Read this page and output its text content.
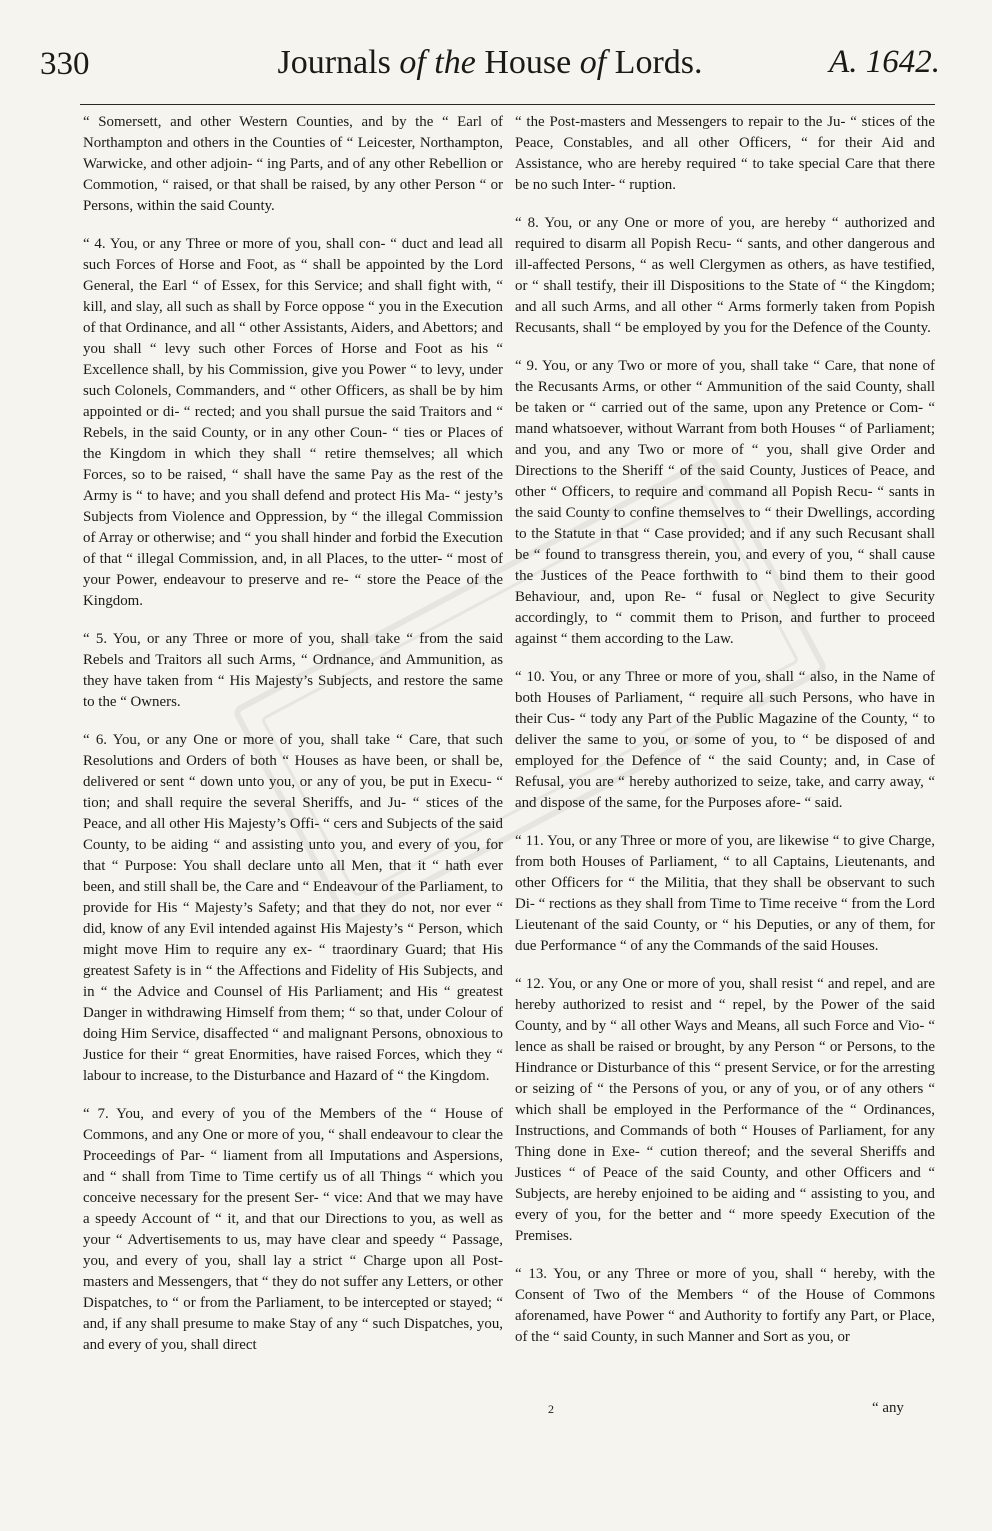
330	Journals of the House of Lords.	A. 1642.

“ Somersett, and other Western Counties, and by the “ Earl of Northampton and others in the Counties of “ Leicester, Northampton, Warwicke, and other adjoin- “ ing Parts, and of any other Rebellion or Commotion, “ raised, or that shall be raised, by any other Person “ or Persons, within the said County.

“ 4. You, or any Three or more of you, shall con- “ duct and lead all such Forces of Horse and Foot, as “ shall be appointed by the Lord General, the Earl “ of Essex, for this Service; and shall fight with, “ kill, and slay, all such as shall by Force oppose “ you in the Execution of that Ordinance, and all “ other Assistants, Aiders, and Abettors; and you shall “ levy such other Forces of Horse and Foot as his “ Excellence shall, by his Commission, give you Power “ to levy, under such Colonels, Commanders, and “ other Officers, as shall be by him appointed or di- “ rected; and you shall pursue the said Traitors and “ Rebels, in the said County, or in any other Coun- “ ties or Places of the Kingdom in which they shall “ retire themselves; all which Forces, so to be raised, “ shall have the same Pay as the rest of the Army is “ to have; and you shall defend and protect His Ma- “ jesty’s Subjects from Violence and Oppression, by “ the illegal Commission of Array or otherwise; and “ you shall hinder and forbid the Execution of that “ illegal Commission, and, in all Places, to the utter- “ most of your Power, endeavour to preserve and re- “ store the Peace of the Kingdom.

“ 5. You, or any Three or more of you, shall take “ from the said Rebels and Traitors all such Arms, “ Ordnance, and Ammunition, as they have taken from “ His Majesty’s Subjects, and restore the same to the “ Owners.

“ 6. You, or any One or more of you, shall take “ Care, that such Resolutions and Orders of both “ Houses as have been, or shall be, delivered or sent “ down unto you, or any of you, be put in Execu- “ tion; and shall require the several Sheriffs, and Ju- “ stices of the Peace, and all other His Majesty’s Offi- “ cers and Subjects of the said County, to be aiding “ and assisting unto you, and every of you, for that “ Purpose: You shall declare unto all Men, that it “ hath ever been, and still shall be, the Care and “ Endeavour of the Parliament, to provide for His “ Majesty’s Safety; and that they do not, nor ever “ did, know of any Evil intended against His Majesty’s “ Person, which might move Him to require any ex- “ traordinary Guard; that His greatest Safety is in “ the Affections and Fidelity of His Subjects, and in “ the Advice and Counsel of His Parliament; and His “ greatest Danger in withdrawing Himself from them; “ so that, under Colour of doing Him Service, disaffected “ and malignant Persons, obnoxious to Justice for their “ great Enormities, have raised Forces, which they “ labour to increase, to the Disturbance and Hazard of “ the Kingdom.

“ 7. You, and every of you of the Members of the “ House of Commons, and any One or more of you, “ shall endeavour to clear the Proceedings of Par- “ liament from all Imputations and Aspersions, and “ shall from Time to Time certify us of all Things “ which you conceive necessary for the present Ser- “ vice: And that we may have a speedy Account of “ it, and that our Directions to you, as well as your “ Advertisements to us, may have clear and speedy “ Passage, you, and every of you, shall lay a strict “ Charge upon all Post-masters and Messengers, that “ they do not suffer any Letters, or other Dispatches, to “ or from the Parliament, to be intercepted or stayed; “ and, if any shall presume to make Stay of any “ such Dispatches, you, and every of you, shall direct

“ the Post-masters and Messengers to repair to the Ju- “ stices of the Peace, Constables, and all other Officers, “ for their Aid and Assistance, who are hereby required “ to take special Care that there be no such Inter- “ ruption.

“ 8. You, or any One or more of you, are hereby “ authorized and required to disarm all Popish Recu- “ sants, and other dangerous and ill-affected Persons, “ as well Clergymen as others, as have testified, or “ shall testify, their ill Dispositions to the State of “ the Kingdom; and all such Arms, and all other “ Arms formerly taken from Popish Recusants, shall “ be employed by you for the Defence of the County.

“ 9. You, or any Two or more of you, shall take “ Care, that none of the Recusants Arms, or other “ Ammunition of the said County, shall be taken or “ carried out of the same, upon any Pretence or Com- “ mand whatsoever, without Warrant from both Houses “ of Parliament; and you, and any Two or more of “ you, shall give Order and Directions to the Sheriff “ of the said County, Justices of Peace, and other “ Officers, to require and command all Popish Recu- “ sants in the said County to confine themselves to “ their Dwellings, according to the Statute in that “ Case provided; and if any such Recusant shall be “ found to transgress therein, you, and every of you, “ shall cause the Justices of the Peace forthwith to “ bind them to their good Behaviour, and, upon Re- “ fusal or Neglect to give Security accordingly, to “ commit them to Prison, and further to proceed against “ them according to the Law.

“ 10. You, or any Three or more of you, shall “ also, in the Name of both Houses of Parliament, “ require all such Persons, who have in their Cus- “ tody any Part of the Public Magazine of the County, “ to deliver the same to you, or some of you, to “ be disposed of and employed for the Defence of “ the said County; and, in Case of Refusal, you are “ hereby authorized to seize, take, and carry away, “ and dispose of the same, for the Purposes afore- “ said.

“ 11. You, or any Three or more of you, are likewise “ to give Charge, from both Houses of Parliament, “ to all Captains, Lieutenants, and other Officers for “ the Militia, that they shall be observant to such Di- “ rections as they shall from Time to Time receive “ from the Lord Lieutenant of the said County, or “ his Deputies, or any of them, for due Performance “ of any the Commands of the said Houses.

“ 12. You, or any One or more of you, shall resist “ and repel, and are hereby authorized to resist and “ repel, by the Power of the said County, and by “ all other Ways and Means, all such Force and Vio- “ lence as shall be raised or brought, by any Person “ or Persons, to the Hindrance or Disturbance of this “ present Service, or for the arresting or seizing of “ the Persons of you, or any of you, or of any others “ which shall be employed in the Performance of the “ Ordinances, Instructions, and Commands of both “ Houses of Parliament, for any Thing done in Exe- “ cution thereof; and the several Sheriffs and Justices “ of Peace of the said County, and other Officers and “ Subjects, are hereby enjoined to be aiding and “ assisting to you, and every of you, for the better and “ more speedy Execution of the Premises.

“ 13. You, or any Three or more of you, shall “ hereby, with the Consent of Two of the Members “ of the House of Commons aforenamed, have Power “ and Authority to fortify any Part, or Place, of the “ said County, in such Manner and Sort as you, or

2	“ any
